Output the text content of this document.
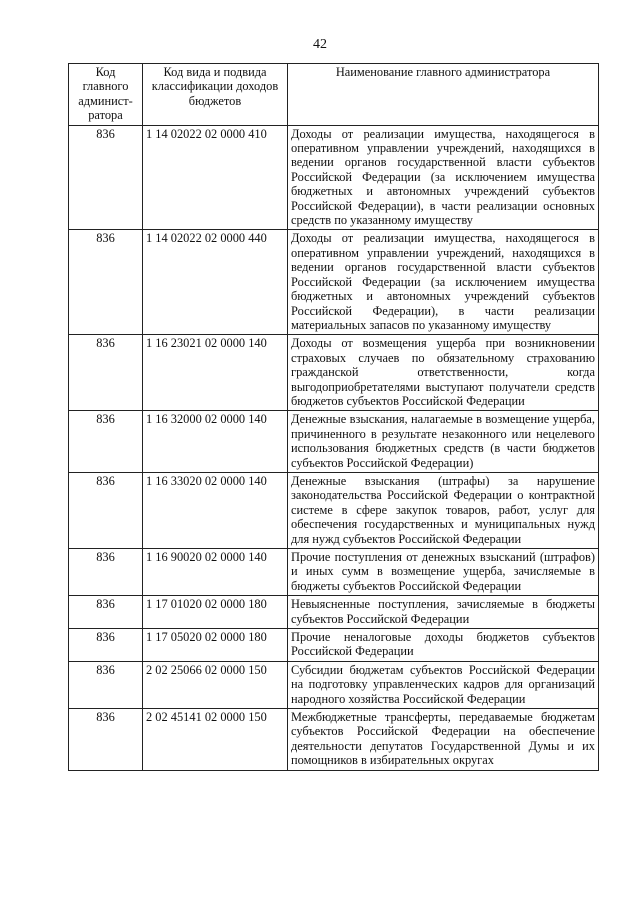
42
Код главного админист-ратора	Код вида и подвида классификации доходов бюджетов	Наименование главного администратора
836	1 14 02022 02 0000 410	Доходы от реализации имущества, находящегося в оперативном управлении учреждений, находящихся в ведении органов государственной власти субъектов Российской Федерации (за исключением имущества бюджетных и автономных учреждений субъектов Российской Федерации), в части реализации основных средств по указанному имуществу
836	1 14 02022 02 0000 440	Доходы от реализации имущества, находящегося в оперативном управлении учреждений, находящихся в ведении органов государственной власти субъектов Российской Федерации (за исключением имущества бюджетных и автономных учреждений субъектов Российской Федерации), в части реализации материальных запасов по указанному имуществу
836	1 16 23021 02 0000 140	Доходы от возмещения ущерба при возникновении страховых случаев по обязательному страхованию гражданской ответственности, когда выгодоприобретателями выступают получатели средств бюджетов субъектов Российской Федерации
836	1 16 32000 02 0000 140	Денежные взыскания, налагаемые в возмещение ущерба, причиненного в результате незаконного или нецелевого использования бюджетных средств (в части бюджетов субъектов Российской Федерации)
836	1 16 33020 02 0000 140	Денежные взыскания (штрафы) за нарушение законодательства Российской Федерации о контрактной системе в сфере закупок товаров, работ, услуг для обеспечения государственных и муниципальных нужд для нужд субъектов Российской Федерации
836	1 16 90020 02 0000 140	Прочие поступления от денежных взысканий (штрафов) и иных сумм в возмещение ущерба, зачисляемые в бюджеты субъектов Российской Федерации
836	1 17 01020 02 0000 180	Невыясненные поступления, зачисляемые в бюджеты субъектов Российской Федерации
836	1 17 05020 02 0000 180	Прочие неналоговые доходы бюджетов субъектов Российской Федерации
836	2 02 25066 02 0000 150	Субсидии бюджетам субъектов Российской Федерации на подготовку управленческих кадров для организаций народного хозяйства Российской Федерации
836	2 02 45141 02 0000 150	Межбюджетные трансферты, передаваемые бюджетам субъектов Российской Федерации на обеспечение деятельности депутатов Государственной Думы и их помощников в избирательных округах
